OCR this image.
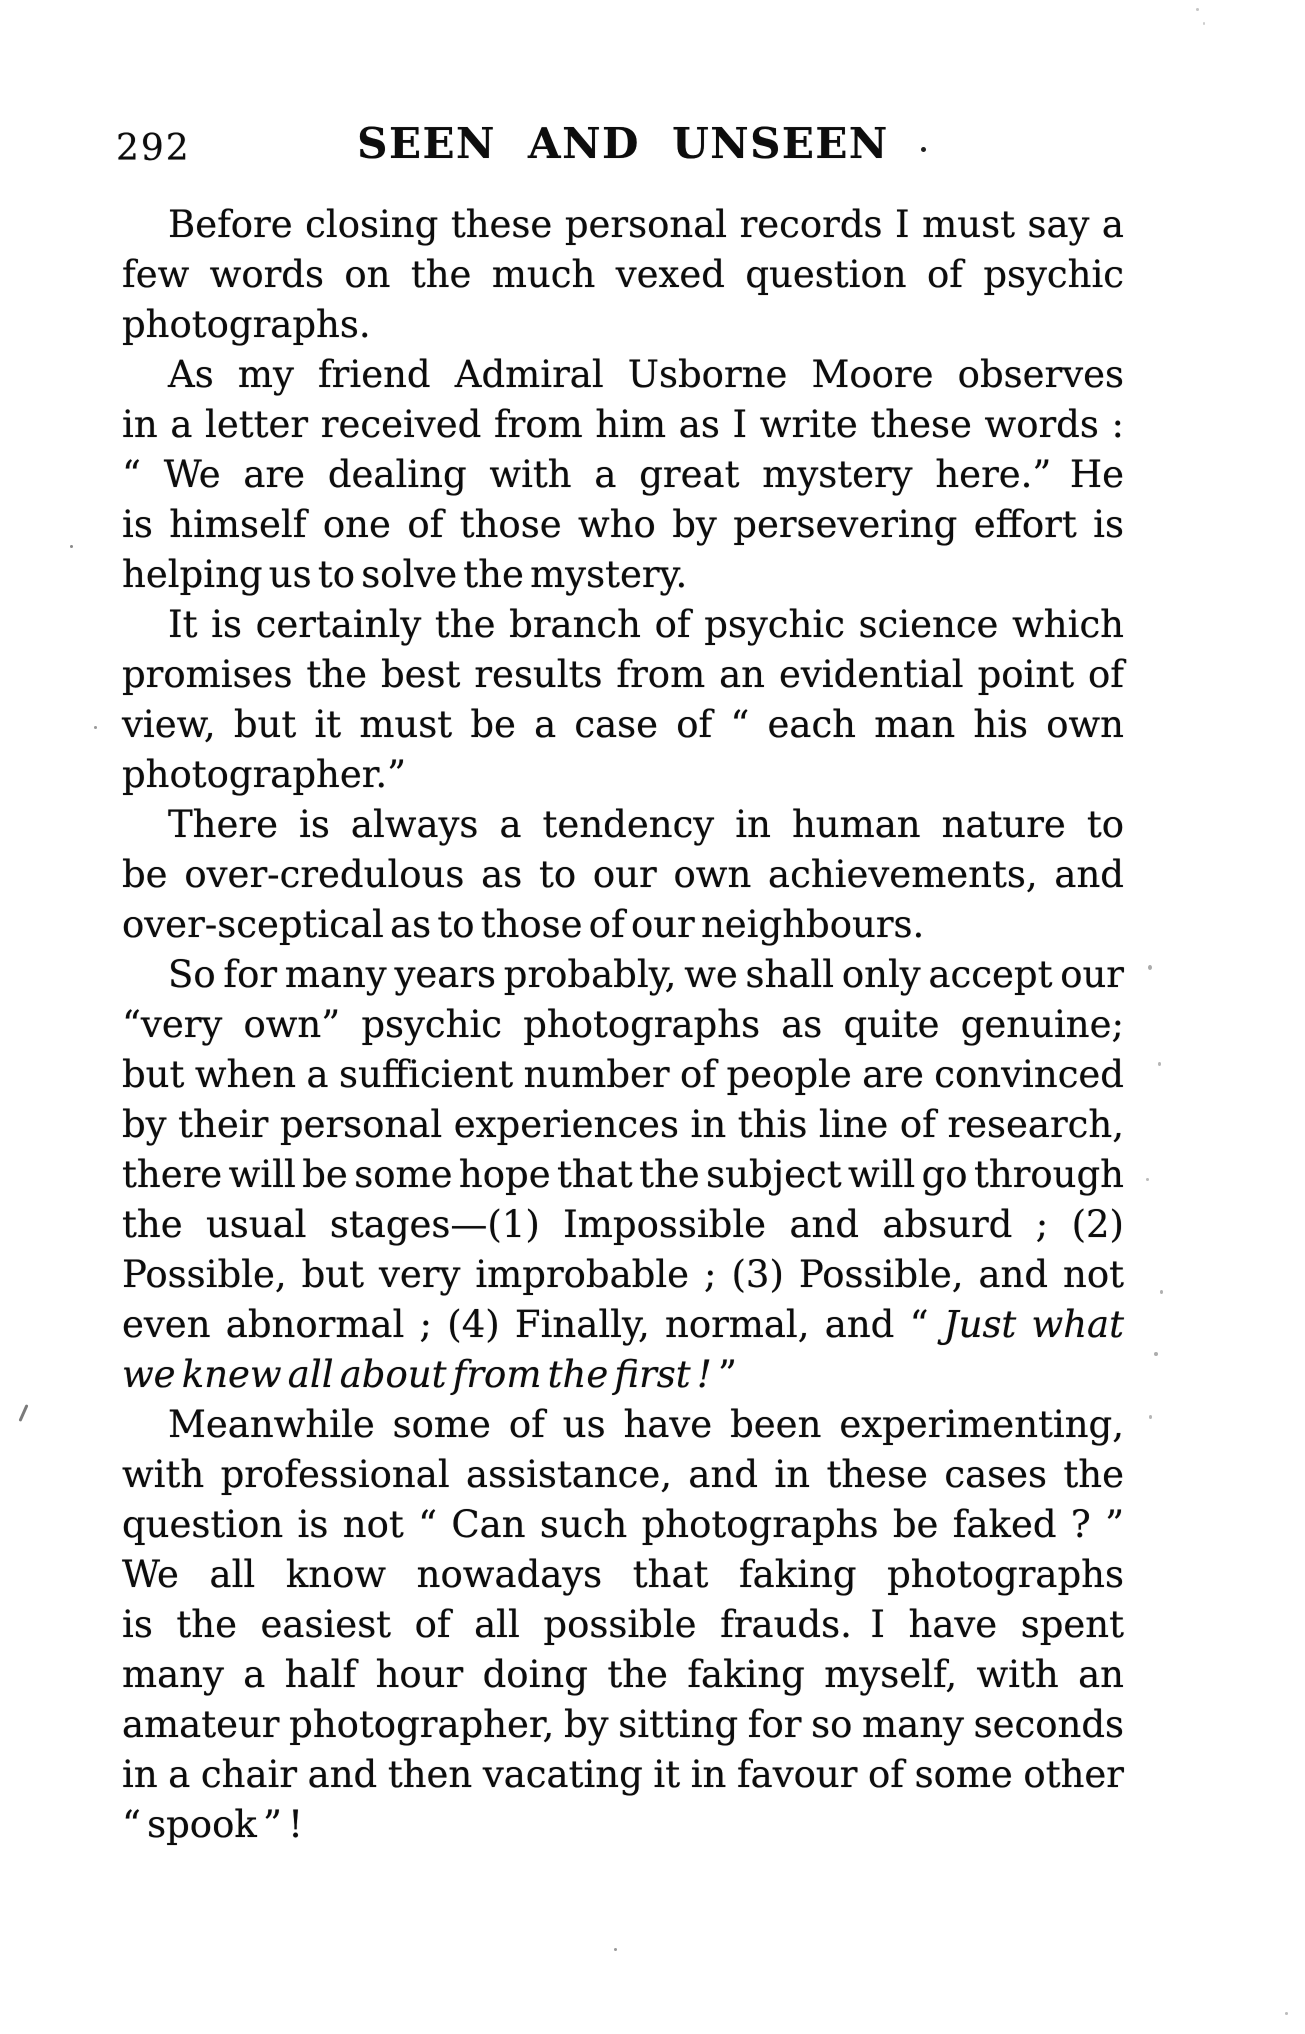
292	SEEN AND UNSEEN
Before closing these personal records I must say a
few words on the much vexed question of psychic
photographs.
As my friend Admiral Usborne Moore observes
in a letter received from him as I write these words :
“ We are dealing with a great mystery here.” He
is himself one of those who by persevering effort is
helping us to solve the mystery.
It is certainly the branch of psychic science which
promises the best results from an evidential point of
view, but it must be a case of “ each man his own
photographer.”
There is always a tendency in human nature to
be over-credulous as to our own achievements, and
over-sceptical as to those of our neighbours.
So for many years probably, we shall only accept our
“very own” psychic photographs as quite genuine;
but when a sufficient number of people are convinced
by their personal experiences in this line of research,
there will be some hope that the subject will go through
the usual stages—(1) Impossible and absurd ; (2)
Possible, but very improbable ; (3) Possible, and not
even abnormal ; (4) Finally, normal, and “ Just what
we knew all about from the first ! ”
Meanwhile some of us have been experimenting,
with professional assistance, and in these cases the
question is not “ Can such photographs be faked ? ”
We all know nowadays that faking photographs
is the easiest of all possible frauds. I have spent
many a half hour doing the faking myself, with an
amateur photographer, by sitting for so many seconds
in a chair and then vacating it in favour of some other
“ spook ” !
